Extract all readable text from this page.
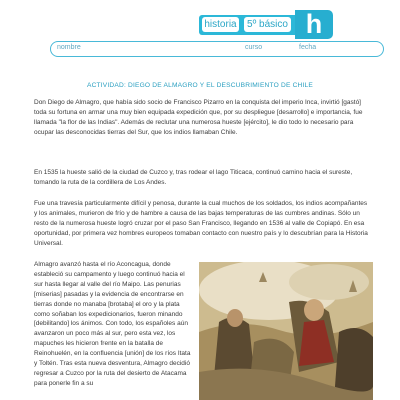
historia	5º básico h
nombre	curso	fecha
ACTIVIDAD: DIEGO DE ALMAGRO Y EL DESCUBRIMIENTO DE CHILE

Don Diego de Almagro, que había sido socio de Francisco Pizarro en la conquista del imperio Inca, invirtió [gastó] toda su fortuna en armar una muy bien equipada expedición que, por su despliegue [desarrollo] e importancia, fue llamada "la flor de las Indias". Además de reclutar una numerosa hueste [ejército], le dio todo lo necesario para ocupar las desconocidas tierras del Sur, que los indios llamaban Chile.

En 1535 la hueste salió de la ciudad de Cuzco y, tras rodear el lago Titicaca, continuó camino hacia el sureste, tomando la ruta de la cordillera de Los Andes.

Fue una travesía particularmente difícil y penosa, durante la cual muchos de los soldados, los indios acompañantes y los animales, murieron de frío y de hambre a causa de las bajas temperaturas de las cumbres andinas. Sólo un resto de la numerosa hueste logró cruzar por el paso San Francisco, llegando en 1536 al valle de Copiapó. En esa oportunidad, por primera vez hombres europeos tomaban contacto con nuestro país y lo descubrían para la Historia Universal.

Almagro avanzó hasta el río Aconcagua, donde estableció su campamento y luego continuó hacia el sur hasta llegar al valle del río Maipo. Las penurias [miserias] pasadas y la evidencia de encontrarse en tierras donde no manaba [brotaba] el oro y la plata como soñaban los expedicionarios, fueron minando [debilitando] los ánimos. Con todo, los españoles aún avanzaron un poco más al sur, pero esta vez, los mapuches les hicieron frente en la batalla de Reinohuelén, en la confluencia [unión] de los ríos Itata y Toltén. Tras esta nueva desventura, Almagro decidió regresar a Cuzco por la ruta del desierto de Atacama para ponerle fin a su
